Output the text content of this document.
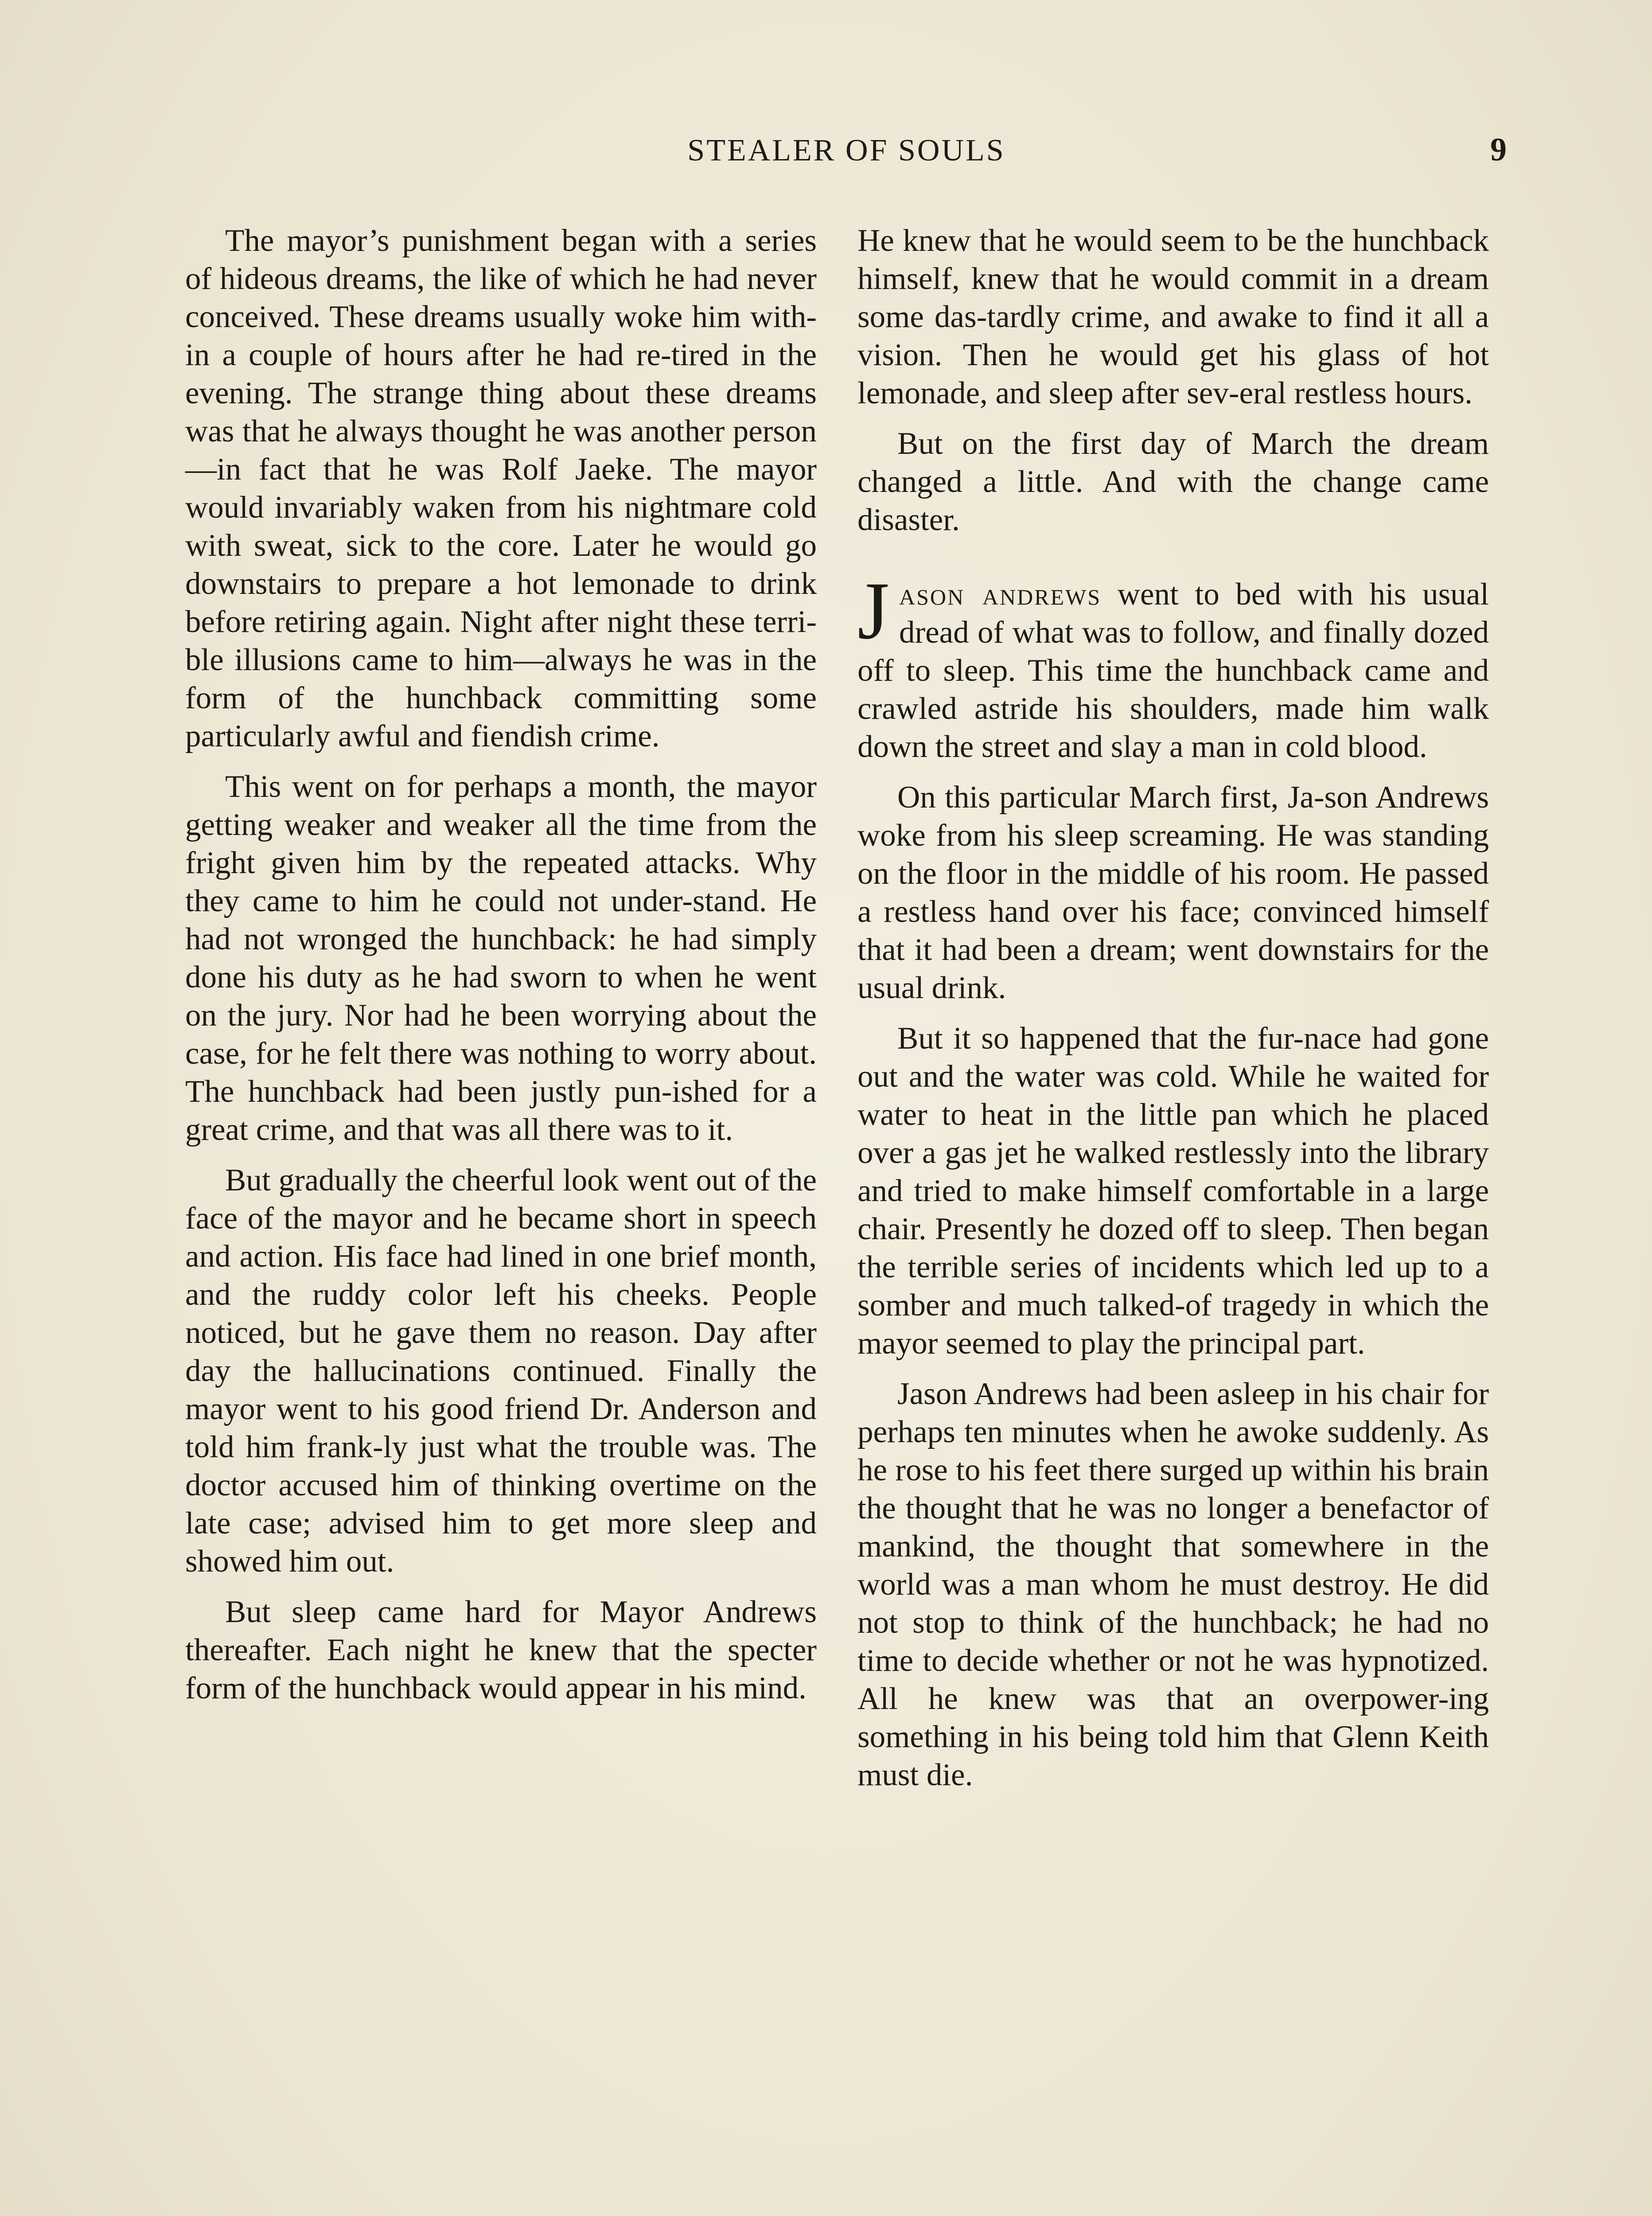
STEALER OF SOULS	9

The mayor’s punishment began with a series of hideous dreams, the like of which he had never conceived. These dreams usually woke him with-in a couple of hours after he had re-tired in the evening. The strange thing about these dreams was that he always thought he was another person—in fact that he was Rolf Jaeke. The mayor would invariably waken from his nightmare cold with sweat, sick to the core. Later he would go downstairs to prepare a hot lemonade to drink before retiring again. Night after night these terri-ble illusions came to him—always he was in the form of the hunchback committing some particularly awful and fiendish crime.

This went on for perhaps a month, the mayor getting weaker and weaker all the time from the fright given him by the repeated attacks. Why they came to him he could not under-stand. He had not wronged the hunchback: he had simply done his duty as he had sworn to when he went on the jury. Nor had he been worrying about the case, for he felt there was nothing to worry about. The hunchback had been justly pun-ished for a great crime, and that was all there was to it.

But gradually the cheerful look went out of the face of the mayor and he became short in speech and action. His face had lined in one brief month, and the ruddy color left his cheeks. People noticed, but he gave them no reason. Day after day the hallucinations continued. Finally the mayor went to his good friend Dr. Anderson and told him frank-ly just what the trouble was. The doctor accused him of thinking overtime on the late case; advised him to get more sleep and showed him out.

But sleep came hard for Mayor Andrews thereafter. Each night he knew that the specter form of the hunchback would appear in his mind.

He knew that he would seem to be the hunchback himself, knew that he would commit in a dream some das-tardly crime, and awake to find it all a vision. Then he would get his glass of hot lemonade, and sleep after sev-eral restless hours.

But on the first day of March the dream changed a little. And with the change came disaster.

Jason andrews went to bed with his usual dread of what was to follow, and finally dozed off to sleep. This time the hunchback came and crawled astride his shoulders, made him walk down the street and slay a man in cold blood.

On this particular March first, Ja-son Andrews woke from his sleep screaming. He was standing on the floor in the middle of his room. He passed a restless hand over his face; convinced himself that it had been a dream; went downstairs for the usual drink.

But it so happened that the fur-nace had gone out and the water was cold. While he waited for water to heat in the little pan which he placed over a gas jet he walked restlessly into the library and tried to make himself comfortable in a large chair. Presently he dozed off to sleep. Then began the terrible series of incidents which led up to a somber and much talked-of tragedy in which the mayor seemed to play the principal part.

Jason Andrews had been asleep in his chair for perhaps ten minutes when he awoke suddenly. As he rose to his feet there surged up within his brain the thought that he was no longer a benefactor of mankind, the thought that somewhere in the world was a man whom he must destroy. He did not stop to think of the hunchback; he had no time to decide whether or not he was hypnotized. All he knew was that an overpower-ing something in his being told him that Glenn Keith must die.
